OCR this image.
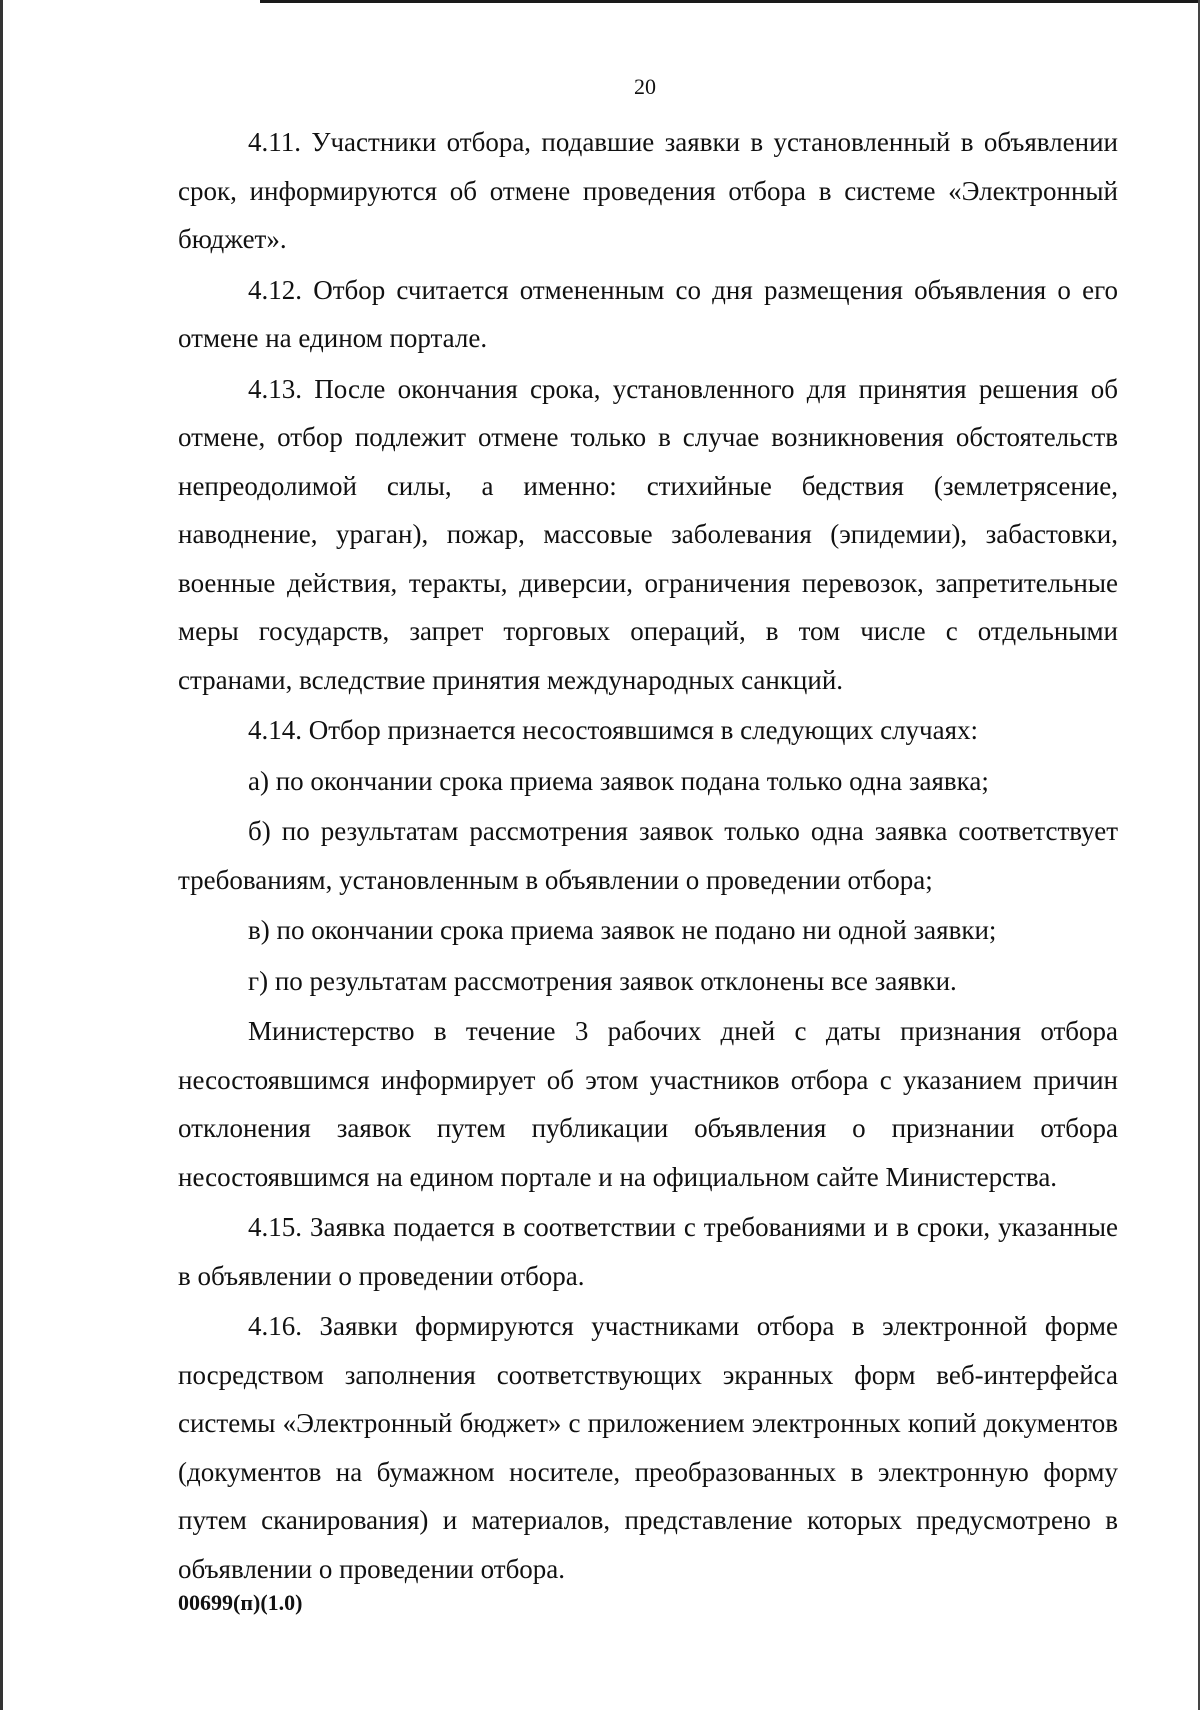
20

4.11. Участники отбора, подавшие заявки в установленный в объявлении срок, информируются об отмене проведения отбора в системе «Электронный бюджет».

4.12. Отбор считается отмененным со дня размещения объявления о его отмене на едином портале.

4.13. После окончания срока, установленного для принятия решения об отмене, отбор подлежит отмене только в случае возникновения обстоятельств непреодолимой силы, а именно: стихийные бедствия (землетрясение, наводнение, ураган), пожар, массовые заболевания (эпидемии), забастовки, военные действия, теракты, диверсии, ограничения перевозок, запретительные меры государств, запрет торговых операций, в том числе с отдельными странами, вследствие принятия международных санкций.

4.14. Отбор признается несостоявшимся в следующих случаях:

а) по окончании срока приема заявок подана только одна заявка;

б) по результатам рассмотрения заявок только одна заявка соответствует требованиям, установленным в объявлении о проведении отбора;

в) по окончании срока приема заявок не подано ни одной заявки;

г) по результатам рассмотрения заявок отклонены все заявки.

Министерство в течение 3 рабочих дней с даты признания отбора несостоявшимся информирует об этом участников отбора с указанием причин отклонения заявок путем публикации объявления о признании отбора несостоявшимся на едином портале и на официальном сайте Министерства.

4.15. Заявка подается в соответствии с требованиями и в сроки, указанные в объявлении о проведении отбора.

4.16. Заявки формируются участниками отбора в электронной форме посредством заполнения соответствующих экранных форм веб-интерфейса системы «Электронный бюджет» с приложением электронных копий документов (документов на бумажном носителе, преобразованных в электронную форму путем сканирования) и материалов, представление которых предусмотрено в объявлении о проведении отбора.

00699(п)(1.0)
